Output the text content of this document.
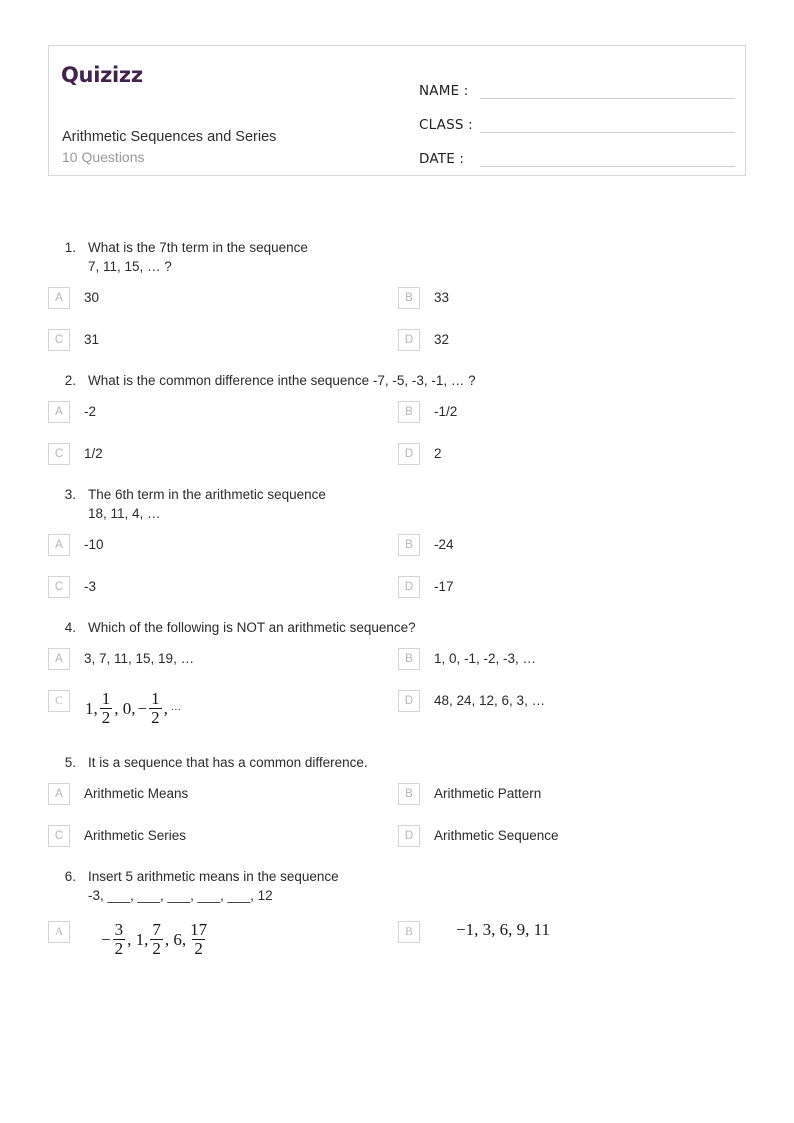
Quizizz
Arithmetic Sequences and Series
10 Questions
NAME :
CLASS :
DATE :
1. What is the 7th term in the sequence
7, 11, 15, … ?
A	30	B	33
C	31	D	32
2. What is the common difference inthe sequence -7, -5, -3, -1, … ?
A	-2	B	-1/2
C	1/2	D	2
3. The 6th term in the arithmetic sequence
18, 11, 4, …
A	-10	B	-24
C	-3	D	-17
4. Which of the following is NOT an arithmetic sequence?
A	3, 7, 11, 15, 19, …	B	1, 0, -1, -2, -3, …
C	1, $\frac{1}{2}$ , 0, − $\frac{1}{2}$ , …
D	48, 24, 12, 6, 3, …
5. It is a sequence that has a common difference.
A	Arithmetic Means	B	Arithmetic Pattern
C	Arithmetic Series	D	Arithmetic Sequence
6. Insert 5 arithmetic means in the sequence
-3, ___, ___, ___, ___, ___, 12
A	− $\frac{3}{2}$ , 1, $\frac{7}{2}$ , 6, $\frac{17}{2}$	B	−1, 3, 6, 9, 11
